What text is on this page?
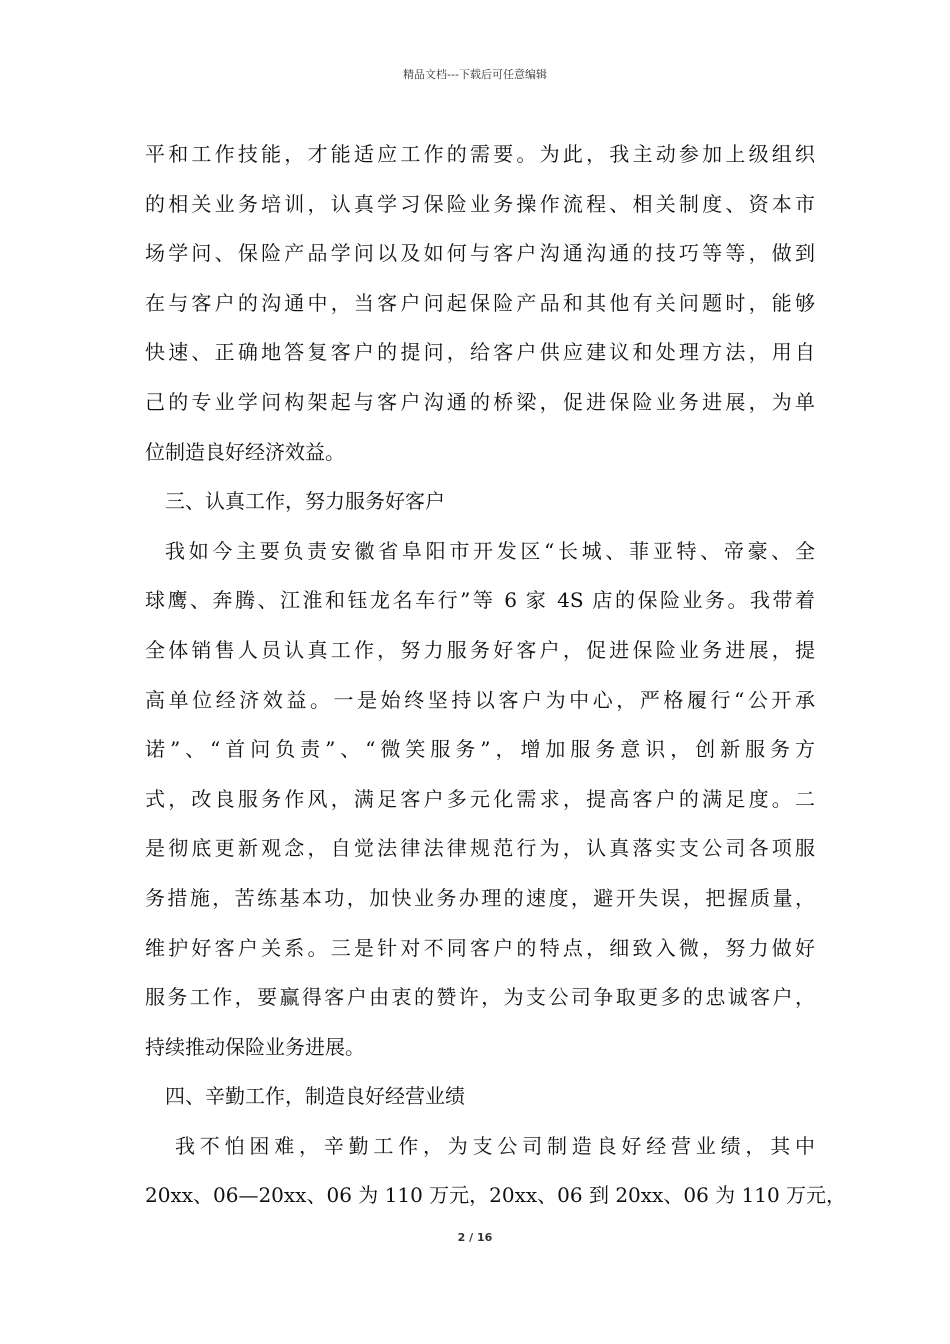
精品文档---下载后可任意编辑
平和工作技能，才能适应工作的需要。为此，我主动参加上级组织
的相关业务培训，认真学习保险业务操作流程、相关制度、资本市
场学问、保险产品学问以及如何与客户沟通沟通的技巧等等，做到
在与客户的沟通中，当客户问起保险产品和其他有关问题时，能够
快速、正确地答复客户的提问，给客户供应建议和处理方法，用自
己的专业学问构架起与客户沟通的桥梁，促进保险业务进展，为单
位制造良好经济效益。
三、认真工作，努力服务好客户
我如今主要负责安徽省阜阳市开发区“长城、菲亚特、帝豪、全
球鹰、奔腾、江淮和钰龙名车行”等 6 家 4S 店的保险业务。我带着
全体销售人员认真工作，努力服务好客户，促进保险业务进展，提
高单位经济效益。一是始终坚持以客户为中心，严格履行“公开承
诺”、“首问负责”、“微笑服务”，增加服务意识，创新服务方
式，改良服务作风，满足客户多元化需求，提高客户的满足度。二
是彻底更新观念，自觉法律法律规范行为，认真落实支公司各项服
务措施，苦练基本功，加快业务办理的速度，避开失误，把握质量，
维护好客户关系。三是针对不同客户的特点，细致入微，努力做好
服务工作，要赢得客户由衷的赞许，为支公司争取更多的忠诚客户，
持续推动保险业务进展。
四、辛勤工作，制造良好经营业绩
我不怕困难，辛勤工作，为支公司制造良好经营业绩，其中
20xx、06—20xx、06 为 110 万元，20xx、06 到 20xx、06 为 110 万元，
2 / 16
